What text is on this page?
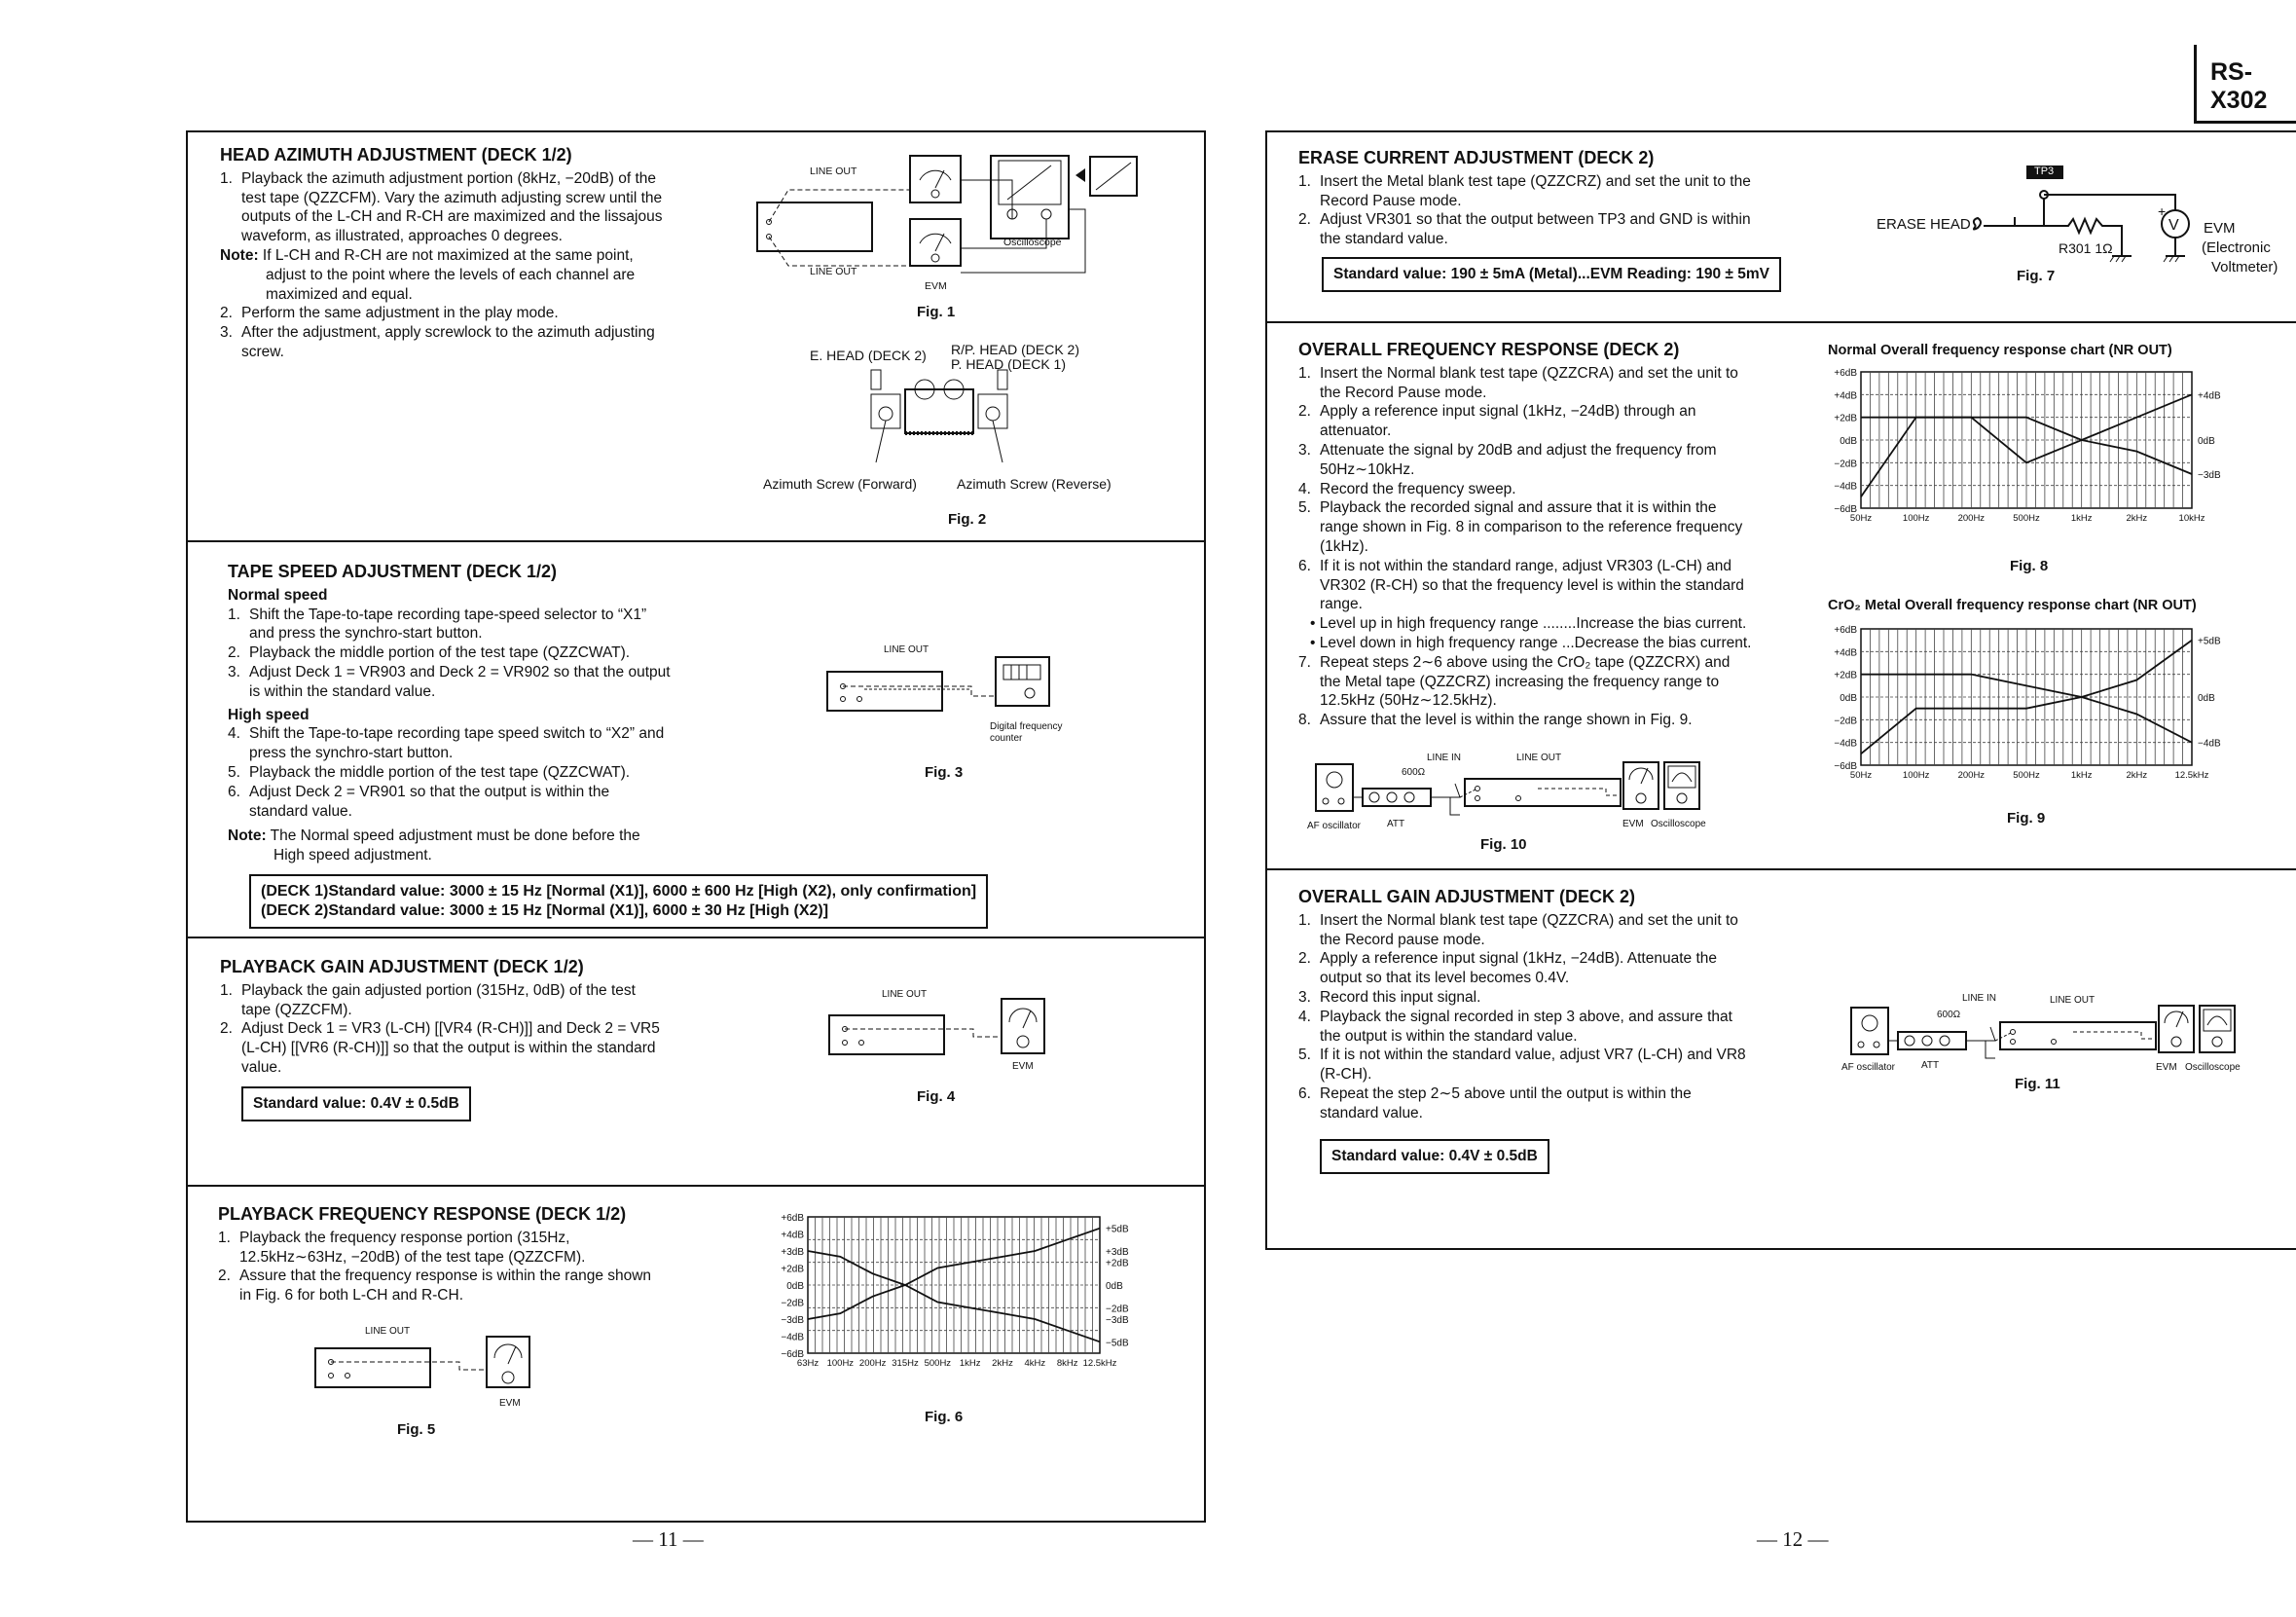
RS-X302
— 11 —	— 12 —
HEAD AZIMUTH ADJUSTMENT (DECK 1/2)
1. Playback the azimuth adjustment portion (8kHz, −20dB) of the test tape (QZZCFM). Vary the azimuth adjusting screw until the outputs of the L-CH and R-CH are maximized and the lissajous waveform, as illustrated, approaches 0 degrees.
Note: If L-CH and R-CH are not maximized at the same point, adjust to the point where the levels of each channel are maximized and equal.
2. Perform the same adjustment in the play mode.
3. After the adjustment, apply screwlock to the azimuth adjusting screw.
LINE OUT
LINE OUT
Oscilloscope
EVM
Fig. 1
E. HEAD (DECK 2) R/P. HEAD (DECK 2)
P. HEAD (DECK 1)
Azimuth Screw (Forward)	Azimuth Screw (Reverse)
Fig. 2
TAPE SPEED ADJUSTMENT (DECK 1/2)
Normal speed
1. Shift the Tape-to-tape recording tape-speed selector to “X1” and press the synchro-start button.
2. Playback the middle portion of the test tape (QZZCWAT).
3. Adjust Deck 1 = VR903 and Deck 2 = VR902 so that the output is within the standard value.
High speed
4. Shift the Tape-to-tape recording tape speed switch to “X2” and press the synchro-start button.
5. Playback the middle portion of the test tape (QZZCWAT).
6. Adjust Deck 2 = VR901 so that the output is within the standard value.
Note: The Normal speed adjustment must be done before the High speed adjustment.
(DECK 1)Standard value: 3000 ± 15 Hz [Normal (X1)], 6000 ± 600 Hz [High (X2), only confirmation]
(DECK 2)Standard value: 3000 ± 15 Hz [Normal (X1)], 6000 ± 30 Hz [High (X2)]
LINE OUT
Digital frequency counter
Fig. 3
PLAYBACK GAIN ADJUSTMENT (DECK 1/2)
1. Playback the gain adjusted portion (315Hz, 0dB) of the test tape (QZZCFM).
2. Adjust Deck 1 = VR3 (L-CH) [[VR4 (R-CH)]] and Deck 2 = VR5 (L-CH) [[VR6 (R-CH)]] so that the output is within the standard value.
Standard value: 0.4V ± 0.5dB
LINE OUT
EVM
Fig. 4
PLAYBACK FREQUENCY RESPONSE (DECK 1/2)
1. Playback the frequency response portion (315Hz, 12.5kHz∼63Hz, −20dB) of the test tape (QZZCFM).
2. Assure that the frequency response is within the range shown in Fig. 6 for both L-CH and R-CH.
LINE OUT
EVM
Fig. 5
+6dB
+4dB
+3dB
+2dB
0dB
−2dB
−3dB
−4dB
−6dB
+5dB
+3dB
+2dB
0dB
−2dB
−3dB
−5dB
63Hz 100Hz 200Hz 315Hz 500Hz 1kHz 2kHz 4kHz 8kHz 12.5kHz
Fig. 6
ERASE CURRENT ADJUSTMENT (DECK 2)
1. Insert the Metal blank test tape (QZZCRZ) and set the unit to the Record Pause mode.
2. Adjust VR301 so that the output between TP3 and GND is within the standard value.
Standard value: 190 ± 5mA (Metal)...EVM Reading: 190 ± 5mV
V
+
TP3
ERASE HEAD
R301 1Ω
EVM
(Electronic
Voltmeter)
Fig. 7
OVERALL FREQUENCY RESPONSE (DECK 2)
1. Insert the Normal blank test tape (QZZCRA) and set the unit to the Record Pause mode.
2. Apply a reference input signal (1kHz, −24dB) through an attenuator.
3. Attenuate the signal by 20dB and adjust the frequency from 50Hz∼10kHz.
4. Record the frequency sweep.
5. Playback the recorded signal and assure that it is within the range shown in Fig. 8 in comparison to the reference frequency (1kHz).
6. If it is not within the standard range, adjust VR303 (L-CH) and VR302 (R-CH) so that the frequency level is within the standard range.
• Level up in high frequency range ........Increase the bias current.
• Level down in high frequency range ...Decrease the bias current.
7. Repeat steps 2∼6 above using the CrO₂ tape (QZZCRX) and the Metal tape (QZZCRZ) increasing the frequency range to 12.5kHz (50Hz∼12.5kHz).
8. Assure that the level is within the range shown in Fig. 9.
LINE IN	LINE OUT
600Ω
AF oscillator	ATT	EVM Oscilloscope
Fig. 10
Normal Overall frequency response chart (NR OUT)
+6dB
+4dB
+2dB
0dB
−2dB
−4dB
−6dB
+4dB
0dB
−3dB
50Hz	100Hz	200Hz	500Hz	1kHz	2kHz	10kHz
Fig. 8
CrO₂ Metal Overall frequency response chart (NR OUT)
+6dB
+4dB
+2dB
0dB
−2dB
−4dB
−6dB
+5dB
0dB
−4dB
50Hz	100Hz	200Hz	500Hz	1kHz	2kHz	12.5kHz
Fig. 9
OVERALL GAIN ADJUSTMENT (DECK 2)
1. Insert the Normal blank test tape (QZZCRA) and set the unit to the Record pause mode.
2. Apply a reference input signal (1kHz, −24dB). Attenuate the output so that its level becomes 0.4V.
3. Record this input signal.
4. Playback the signal recorded in step 3 above, and assure that the output is within the standard value.
5. If it is not within the standard value, adjust VR7 (L-CH) and VR8 (R-CH).
6. Repeat the step 2∼5 above until the output is within the standard value.
Standard value: 0.4V ± 0.5dB
LINE IN	LINE OUT
600Ω
AF oscillator	ATT	EVM Oscilloscope
Fig. 11
